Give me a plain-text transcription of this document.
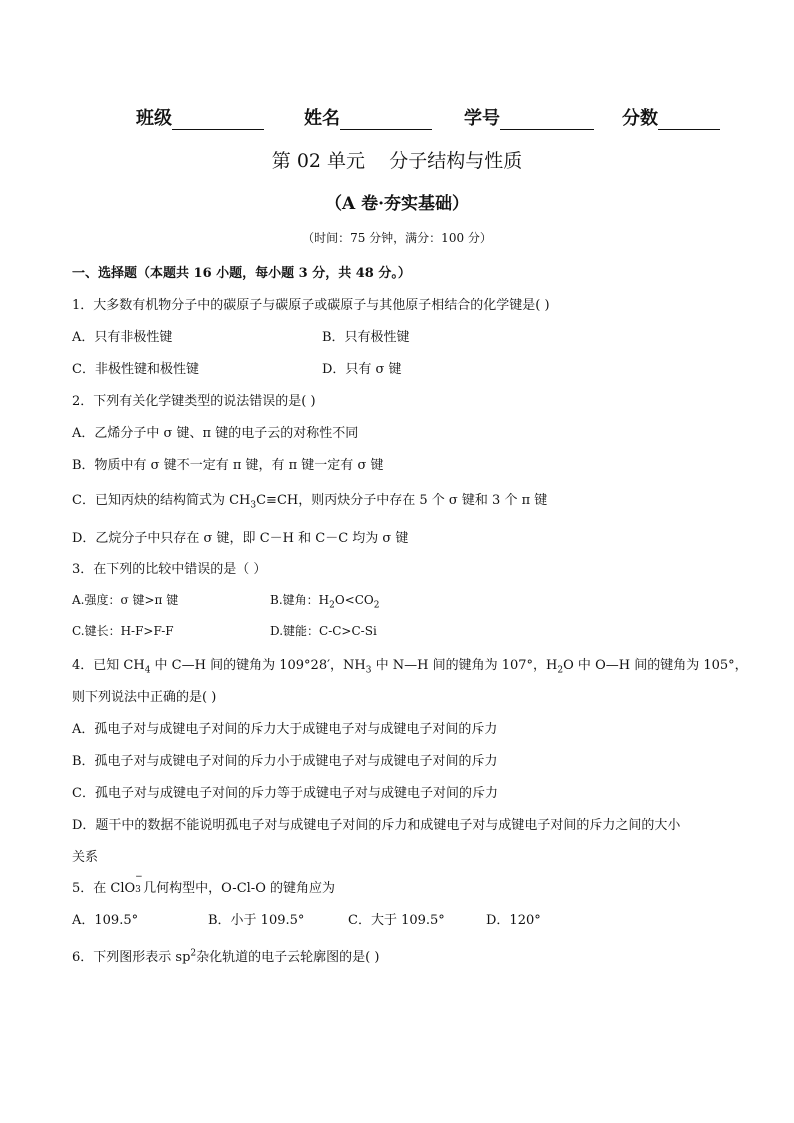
班级	姓名	学号	分数
第 02 单元    分子结构与性质
（A 卷·夯实基础）
（时间：75 分钟，满分：100 分）
一、选择题（本题共 16 小题，每小题 3 分，共 48 分。）
1．大多数有机物分子中的碳原子与碳原子或碳原子与其他原子相结合的化学键是( )
A．只有非极性键	B．只有极性键
C．非极性键和极性键	D．只有 σ 键
2．下列有关化学键类型的说法错误的是( )
A．乙烯分子中 σ 键、π 键的电子云的对称性不同
B．物质中有 σ 键不一定有 π 键，有 π 键一定有 σ 键
C．已知丙炔的结构简式为 $CH_3C\equiv CH$，则丙炔分子中存在 5 个 σ 键和 3 个 π 键
D．乙烷分子中只存在 σ 键，即 C－H 和 C－C 均为 σ 键
3．在下列的比较中错误的是（ ）
A.强度：σ 键>π 键	B.键角：$H_2O<CO_2$
C.键长：H-F>F-F	D.键能：C-C>C-Si
4．已知 $CH_4$ 中 C—H 间的键角为 109°28′，$NH_3$ 中 N—H 间的键角为 107°，$H_2O$ 中 O—H 间的键角为 105°，
则下列说法中正确的是( )
A．孤电子对与成键电子对间的斥力大于成键电子对与成键电子对间的斥力
B．孤电子对与成键电子对间的斥力小于成键电子对与成键电子对间的斥力
C．孤电子对与成键电子对间的斥力等于成键电子对与成键电子对间的斥力
D．题干中的数据不能说明孤电子对与成键电子对间的斥力和成键电子对与成键电子对间的斥力之间的大小
关系
5．在 ClO
−
3 几何构型中，O-Cl-O 的键角应为
A．109.5°	B．小于 109.5°	C．大于 109.5°	D．120°
6．下列图形表示 $sp^2$杂化轨道的电子云轮廓图的是( )
